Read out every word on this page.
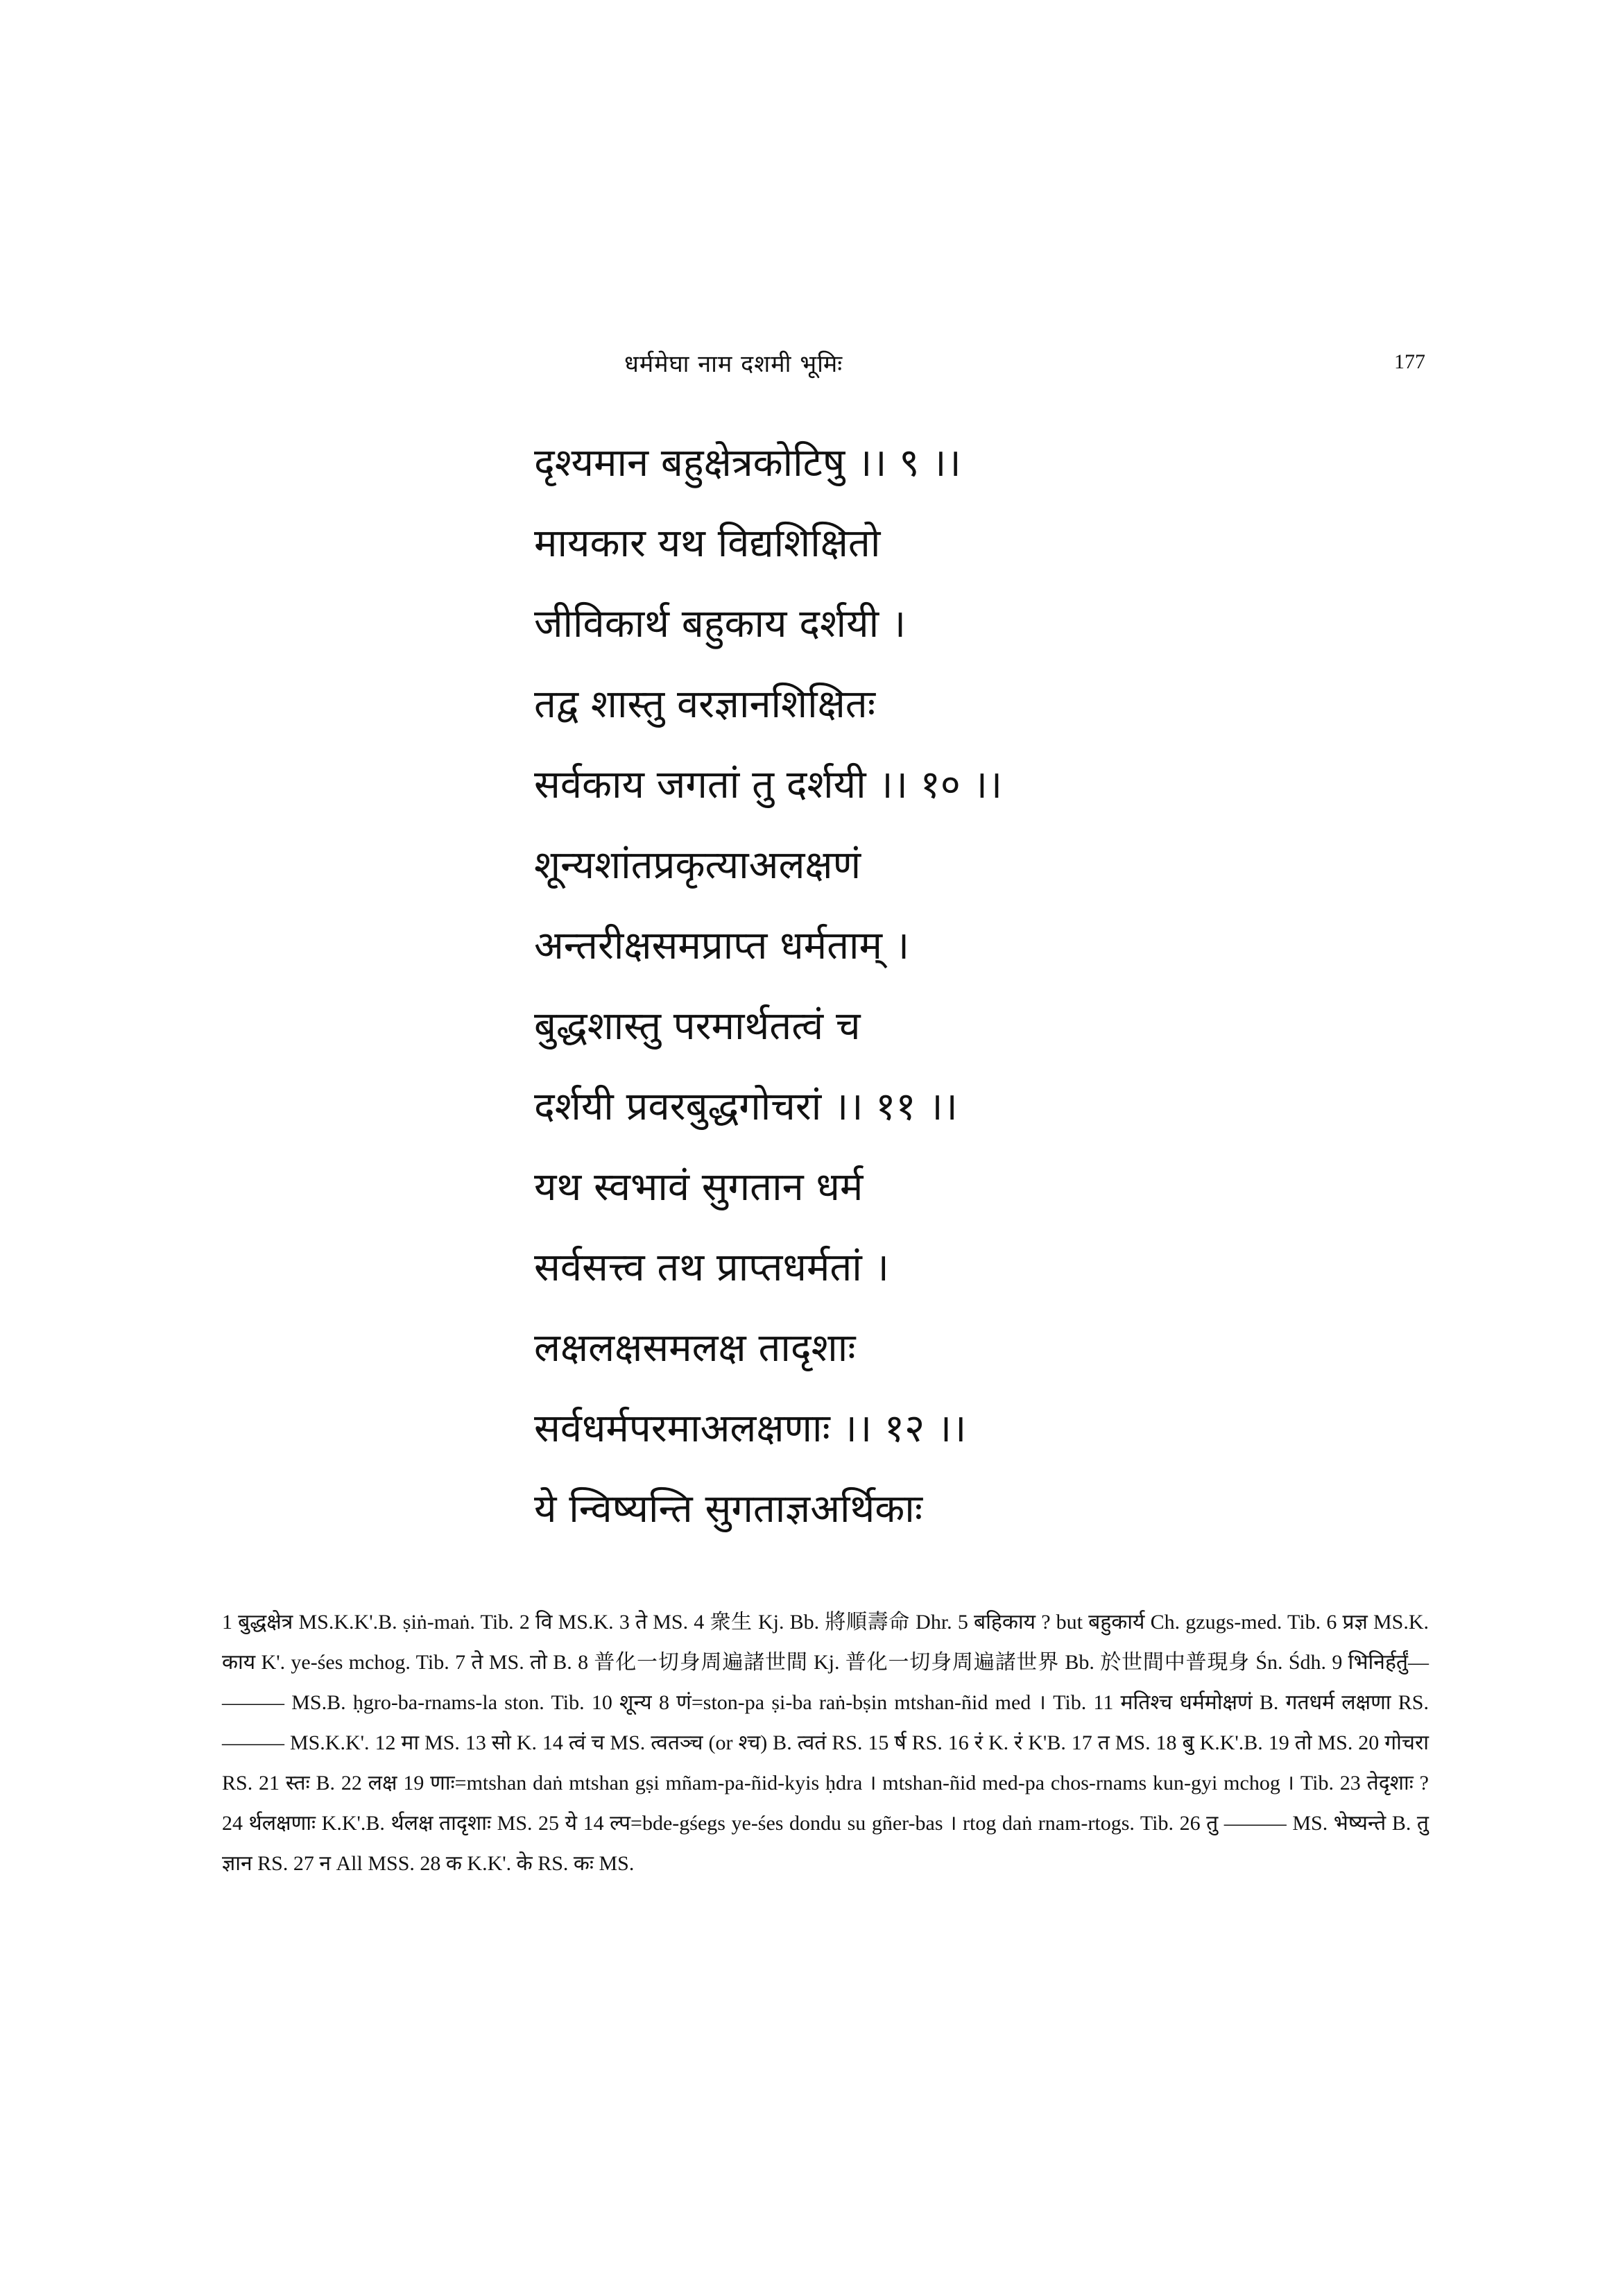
धर्ममेघा नाम दशमी भूमिः	177
दृश्यमान बहुक्षेत्रकोटिषु ।। ९ ।।
मायकार यथ विद्यशिक्षितो
जीविकार्थ बहुकाय दर्शयी ।
तद्व शास्तु वरज्ञानशिक्षितः
सर्वकाय जगतां तु दर्शयी ।। १० ।।
शून्यशांतप्रकृत्याअलक्षणं
अन्तरीक्षसमप्राप्त धर्मताम् ।
बुद्धशास्तु परमार्थतत्वं च
दर्शयी प्रवरबुद्धगोचरां ।। ११ ।।
यथ स्वभावं सुगतान धर्म
सर्वसत्त्व तथ प्राप्तधर्मतां ।
लक्षलक्षसमलक्ष तादृशाः
सर्वधर्मपरमाअलक्षणाः ।। १२ ।।
ये न्विष्यन्ति सुगताज्ञअर्थिकाः

1 बुद्धक्षेत्र MS.K.K'.B. ṣiṅ-maṅ. Tib. 2 वि MS.K. 3 ते MS. 4 衆生 Kj. Bb. 將順壽命 Dhr. 5 बहिकाय ? but बहुकार्य Ch. gzugs-med. Tib. 6 प्रज्ञ MS.K. काय K'. ye-śes mchog. Tib. 7 ते MS. तो B. 8 普化一切身周遍諸世間 Kj. 普化一切身周遍諸世界 Bb. 於世間中普現身 Śn. Śdh. 9 भिनिर्हर्तुं— ——— MS.B. ḥgro-ba-rnams-la ston. Tib. 10 शून्य 8 णं=ston-pa ṣi-ba raṅ-bṣin mtshan-ñid med । Tib. 11 मतिश्च धर्ममोक्षणं B. गतधर्म लक्षणा RS. ——— MS.K.K'. 12 मा MS. 13 सो K. 14 त्वं च MS. त्वतञ्च (or श्च) B. त्वतं RS. 15 र्ष RS. 16 रं K. रं K'B. 17 त MS. 18 बु K.K'.B. 19 तो MS. 20 गोचरा RS. 21 स्तः B. 22 लक्ष 19 णाः=mtshan daṅ mtshan gṣi mñam-pa-ñid-kyis ḥdra । mtshan-ñid med-pa chos-rnams kun-gyi mchog । Tib. 23 तेदृशाः ? 24 र्थलक्षणाः K.K'.B. र्थलक्ष तादृशाः MS. 25 ये 14 ल्प=bde-gśegs ye-śes dondu su gñer-bas । rtog daṅ rnam-rtogs. Tib. 26 तु ——— MS. भेष्यन्ते B. तु ज्ञान RS. 27 न All MSS. 28 क K.K'. के RS. कः MS.
